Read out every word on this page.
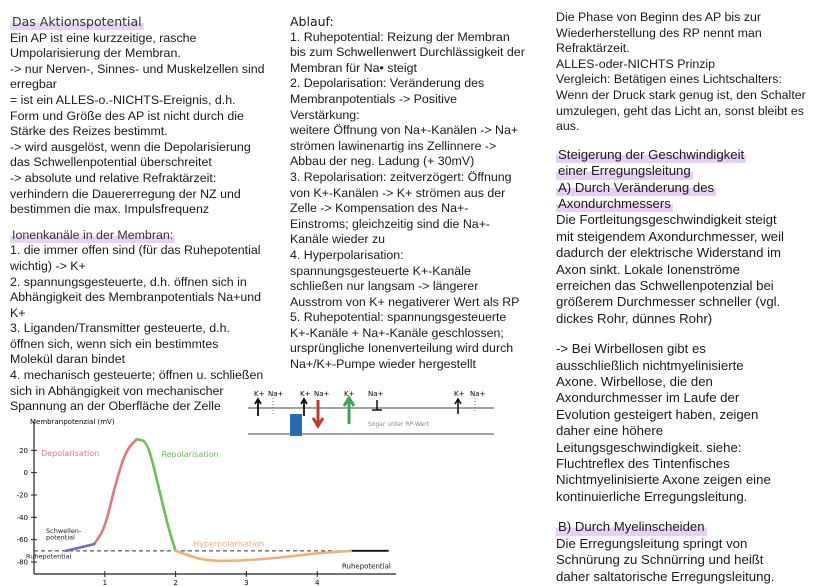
Das Aktionspotential

Ein AP ist eine kurzzeitige, rasche

Umpolarisierung der Membran.

-> nur Nerven-, Sinnes- und Muskelzellen sind

erregbar

= ist ein ALLES-o.-NICHTS-Ereignis, d.h.

Form und Größe des AP ist nicht durch die

Stärke des Reizes bestimmt.

-> wird ausgelöst, wenn die Depolarisierung

das Schwellenpotential überschreitet

-> absolute und relative Refraktärzeit:

verhindern die Dauererregung der NZ und

bestimmen die max. Impulsfrequenz

Ionenkanäle in der Membran:

1. die immer offen sind (für das Ruhepotential

wichtig) -> K+

2. spannungsgesteuerte, d.h. öffnen sich in

Abhängigkeit des Membranpotentials Na+und

K+

3. Liganden/Transmitter gesteuerte, d.h.

öffnen sich, wenn sich ein bestimmtes

Molekül daran bindet

4. mechanisch gesteuerte; öffnen u. schließen

sich in Abhängigkeit von mechanischer

Spannung an der Oberfläche der Zelle

Ablauf:

1. Ruhepotential: Reizung der Membran

bis zum Schwellenwert Durchlässigkeit der

Membran für Na• steigt

2. Depolarisation: Veränderung des

Membranpotentials -> Positive

Verstärkung:

weitere Öffnung von Na+-Kanälen -> Na+

strömen lawinenartig ins Zellinnere ->

Abbau der neg. Ladung (+ 30mV)

3. Repolarisation: zeitverzögert: Öffnung

von K+-Kanälen -> K+ strömen aus der

Zelle -> Kompensation des Na+-

Einstroms; gleichzeitig sind die Na+-

Kanäle wieder zu

4. Hyperpolarisation:

spannungsgesteuerte K+-Kanäle

schließen nur langsam -> längerer

Ausstrom von K+ negativerer Wert als RP

5. Ruhepotential: spannungsgesteuerte

K+-Kanäle + Na+-Kanäle geschlossen;

ursprüngliche Ionenverteilung wird durch

Na+/K+-Pumpe wieder hergestellt

Die Phase von Beginn des AP bis zur

Wiederherstellung des RP nennt man

Refraktärzeit.

ALLES-oder-NICHTS Prinzip

Vergleich: Betätigen eines Lichtschalters:

Wenn der Druck stark genug ist, den Schalter

umzulegen, geht das Licht an, sonst bleibt es

aus.

Steigerung der Geschwindigkeit
einer Erregungsleitung
A) Durch Veränderung des
Axondurchmessers

Die Fortleitungsgeschwindigkeit steigt

mit steigendem Axondurchmesser, weil

dadurch der elektrische Widerstand im

Axon sinkt. Lokale Ionenströme

erreichen das Schwellenpotenzial bei

größerem Durchmesser schneller (vgl.

dickes Rohr, dünnes Rohr)

-> Bei Wirbellosen gibt es

ausschließlich nichtmyelinisierte

Axone. Wirbellose, die den

Axondurchmesser im Laufe der

Evolution gesteigert haben, zeigen

daher eine höhere

Leitungsgeschwindigkeit. siehe:

Fluchtreflex des Tintenfisches

Nichtmyelinisierte Axone zeigen eine

kontinuierliche Erregungsleitung.

B) Durch Myelinscheiden

Die Erregungsleitung springt von

Schnürung zu Schnürring und heißt

daher saltatorische Erregungsleitung.

K+ Na+ K+ Na+ K+ Na+
Sogar unter RP-Wert
K+ Na+
Membranpotenzial (mV)
20
0
-20
-40
-60
-80
1	2	3	4
Depolarisation	Repolarisation
Hyperpolarisation
Ruhepotential
Schwellen-
potential
Ruhepotential
